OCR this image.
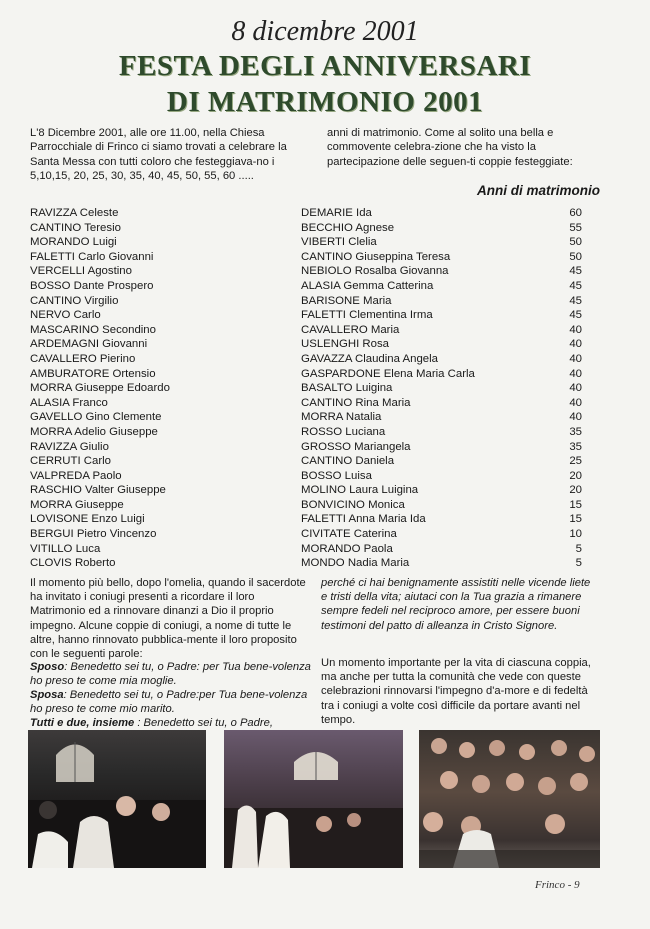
8 dicembre 2001
FESTA DEGLI ANNIVERSARI
DI MATRIMONIO 2001
L'8 Dicembre 2001, alle ore 11.00, nella Chiesa Parrocchiale di Frinco ci siamo trovati a celebrare la Santa Messa con tutti coloro che festeggiava-no i 5,10,15, 20, 25, 30, 35, 40, 45, 50, 55, 60 .....
anni di matrimonio. Come al solito una bella e commovente celebra-zione che ha visto la partecipazione delle seguen-ti coppie festeggiate:
Anni di matrimonio
RAVIZZA Celeste	DEMARIE Ida	60
CANTINO Teresio	BECCHIO Agnese	55
MORANDO Luigi	VIBERTI Clelia	50
FALETTI Carlo Giovanni	CANTINO Giuseppina Teresa	50
VERCELLI Agostino	NEBIOLO Rosalba Giovanna	45
BOSSO Dante Prospero	ALASIA Gemma Catterina	45
CANTINO Virgilio	BARISONE Maria	45
NERVO Carlo	FALETTI Clementina Irma	45
MASCARINO Secondino	CAVALLERO Maria	40
ARDEMAGNI Giovanni	USLENGHI Rosa	40
CAVALLERO Pierino	GAVAZZA Claudina Angela	40
AMBURATORE Ortensio	GASPARDONE Elena Maria Carla	40
MORRA Giuseppe Edoardo	BASALTO Luigina	40
ALASIA Franco	CANTINO Rina Maria	40
GAVELLO Gino Clemente	MORRA Natalia	40
MORRA Adelio Giuseppe	ROSSO Luciana	35
RAVIZZA Giulio	GROSSO Mariangela	35
CERRUTI Carlo	CANTINO Daniela	25
VALPREDA Paolo	BOSSO Luisa	20
RASCHIO Valter Giuseppe	MOLINO Laura Luigina	20
MORRA Giuseppe	BONVICINO Monica	15
LOVISONE Enzo Luigi	FALETTI Anna Maria Ida	15
BERGUI Pietro Vincenzo	CIVITATE Caterina	10
VITILLO Luca	MORANDO Paola	5
CLOVIS Roberto	MONDO Nadia Maria	5
Il momento più bello, dopo l'omelia, quando il sacerdote ha invitato i coniugi presenti a ricordare il loro Matrimonio ed a rinnovare dinanzi a Dio il proprio impegno. Alcune coppie di coniugi, a nome di tutte le altre, hanno rinnovato pubblica-mente il loro proposito con le seguenti parole:
Sposo: Benedetto sei tu, o Padre: per Tua bene-volenza ho preso te come mia moglie.
Sposa: Benedetto sei tu, o Padre:per Tua bene-volenza ho preso te come mio marito.
Tutti e due, insieme : Benedetto sei tu, o Padre,
perché ci hai benignamente assistiti nelle vicende liete e tristi della vita; aiutaci con la Tua grazia a rimanere sempre fedeli nel reciproco amore, per essere buoni testimoni del patto di alleanza in Cristo Signore.
Un momento importante per la vita di ciascuna coppia, ma anche per tutta la comunità che vede con queste celebrazioni rinnovarsi l'impegno d'a-more e di fedeltà tra i coniugi a volte così difficile da portare avanti nel tempo.
Frinco - 9
